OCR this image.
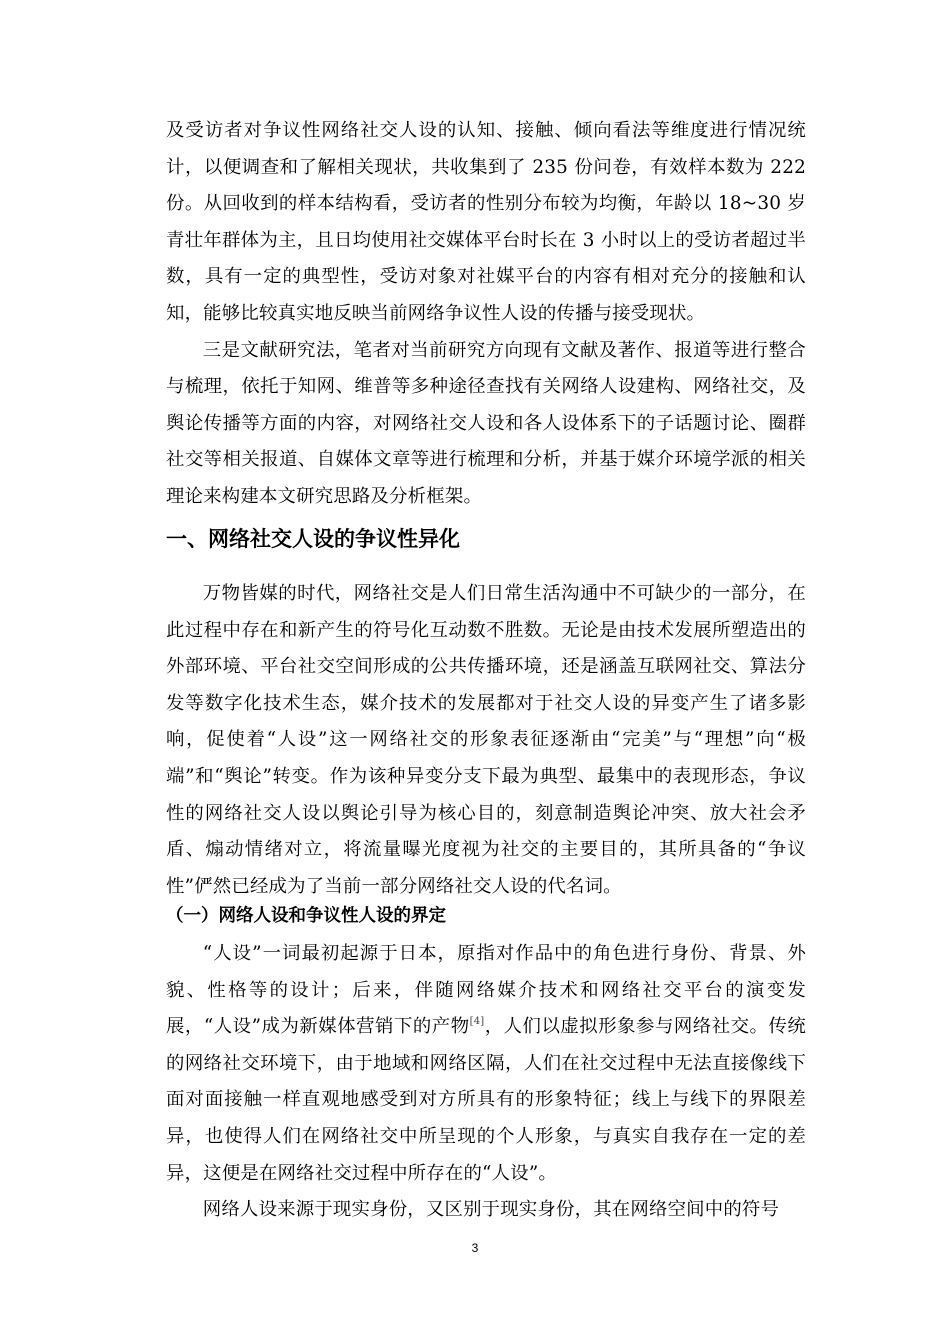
及受访者对争议性网络社交人设的认知、接触、倾向看法等维度进行情况统计，以便调查和了解相关现状，共收集到了 235 份问卷，有效样本数为 222 份。从回收到的样本结构看，受访者的性别分布较为均衡，年龄以 18~30 岁青壮年群体为主，且日均使用社交媒体平台时长在 3 小时以上的受访者超过半数，具有一定的典型性，受访对象对社媒平台的内容有相对充分的接触和认知，能够比较真实地反映当前网络争议性人设的传播与接受现状。

三是文献研究法，笔者对当前研究方向现有文献及著作、报道等进行整合与梳理，依托于知网、维普等多种途径查找有关网络人设建构、网络社交，及舆论传播等方面的内容，对网络社交人设和各人设体系下的子话题讨论、圈群社交等相关报道、自媒体文章等进行梳理和分析，并基于媒介环境学派的相关理论来构建本文研究思路及分析框架。

一、网络社交人设的争议性异化

万物皆媒的时代，网络社交是人们日常生活沟通中不可缺少的一部分，在此过程中存在和新产生的符号化互动数不胜数。无论是由技术发展所塑造出的外部环境、平台社交空间形成的公共传播环境，还是涵盖互联网社交、算法分发等数字化技术生态，媒介技术的发展都对于社交人设的异变产生了诸多影响，促使着“人设”这一网络社交的形象表征逐渐由“完美”与“理想”向“极端”和“舆论”转变。作为该种异变分支下最为典型、最集中的表现形态，争议性的网络社交人设以舆论引导为核心目的，刻意制造舆论冲突、放大社会矛盾、煽动情绪对立，将流量曝光度视为社交的主要目的，其所具备的“争议性”俨然已经成为了当前一部分网络社交人设的代名词。

（一）网络人设和争议性人设的界定

“人设”一词最初起源于日本，原指对作品中的角色进行身份、背景、外貌、性格等的设计；后来，伴随网络媒介技术和网络社交平台的演变发展，“人设”成为新媒体营销下的产物[4]，人们以虚拟形象参与网络社交。传统的网络社交环境下，由于地域和网络区隔，人们在社交过程中无法直接像线下面对面接触一样直观地感受到对方所具有的形象特征；线上与线下的界限差异，也使得人们在网络社交中所呈现的个人形象，与真实自我存在一定的差异，这便是在网络社交过程中所存在的“人设”。

网络人设来源于现实身份，又区别于现实身份，其在网络空间中的符号

3
